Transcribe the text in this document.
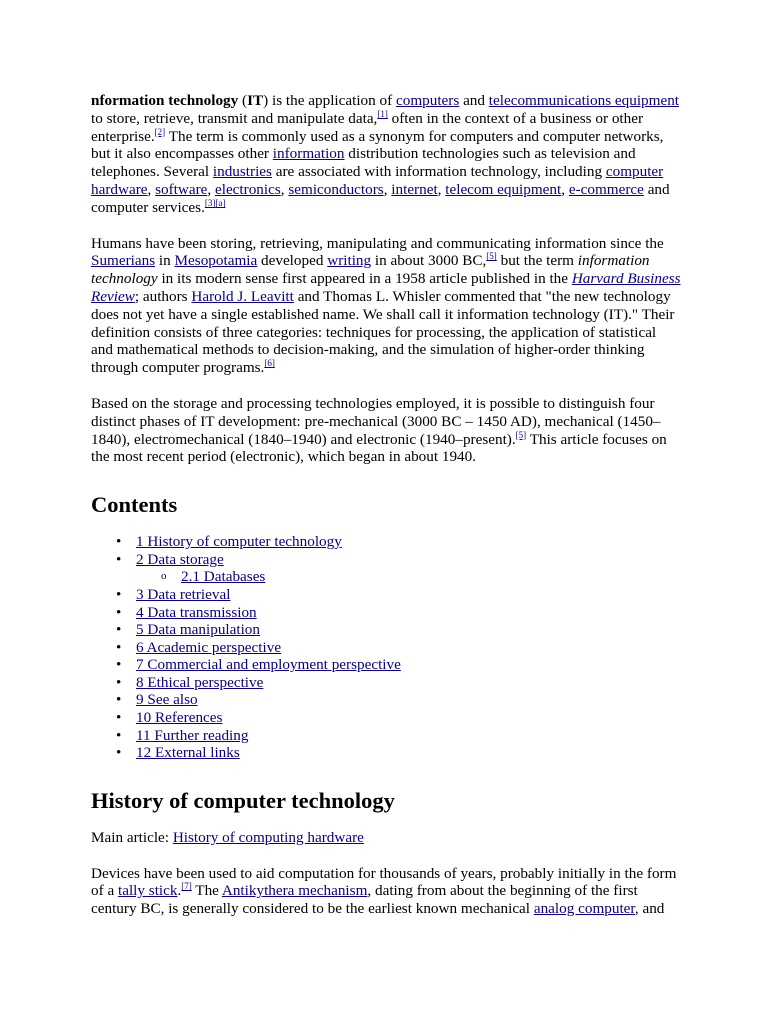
nformation technology (IT) is the application of computers and telecommunications equipment to store, retrieve, transmit and manipulate data,[1] often in the context of a business or other enterprise.[2] The term is commonly used as a synonym for computers and computer networks, but it also encompasses other information distribution technologies such as television and telephones. Several industries are associated with information technology, including computer hardware, software, electronics, semiconductors, internet, telecom equipment, e-commerce and computer services.[3][a]

Humans have been storing, retrieving, manipulating and communicating information since the Sumerians in Mesopotamia developed writing in about 3000 BC,[5] but the term information technology in its modern sense first appeared in a 1958 article published in the Harvard Business Review; authors Harold J. Leavitt and Thomas L. Whisler commented that "the new technology does not yet have a single established name. We shall call it information technology (IT)." Their definition consists of three categories: techniques for processing, the application of statistical and mathematical methods to decision-making, and the simulation of higher-order thinking through computer programs.[6]

Based on the storage and processing technologies employed, it is possible to distinguish four distinct phases of IT development: pre-mechanical (3000 BC – 1450 AD), mechanical (1450–1840), electromechanical (1840–1940) and electronic (1940–present).[5] This article focuses on the most recent period (electronic), which began in about 1940.

Contents
• 1 History of computer technology
• 2 Data storage
o 2.1 Databases
• 3 Data retrieval
• 4 Data transmission
• 5 Data manipulation
• 6 Academic perspective
• 7 Commercial and employment perspective
• 8 Ethical perspective
• 9 See also
• 10 References
• 11 Further reading
• 12 External links
History of computer technology

Main article: History of computing hardware

Devices have been used to aid computation for thousands of years, probably initially in the form of a tally stick.[7] The Antikythera mechanism, dating from about the beginning of the first century BC, is generally considered to be the earliest known mechanical analog computer, and
